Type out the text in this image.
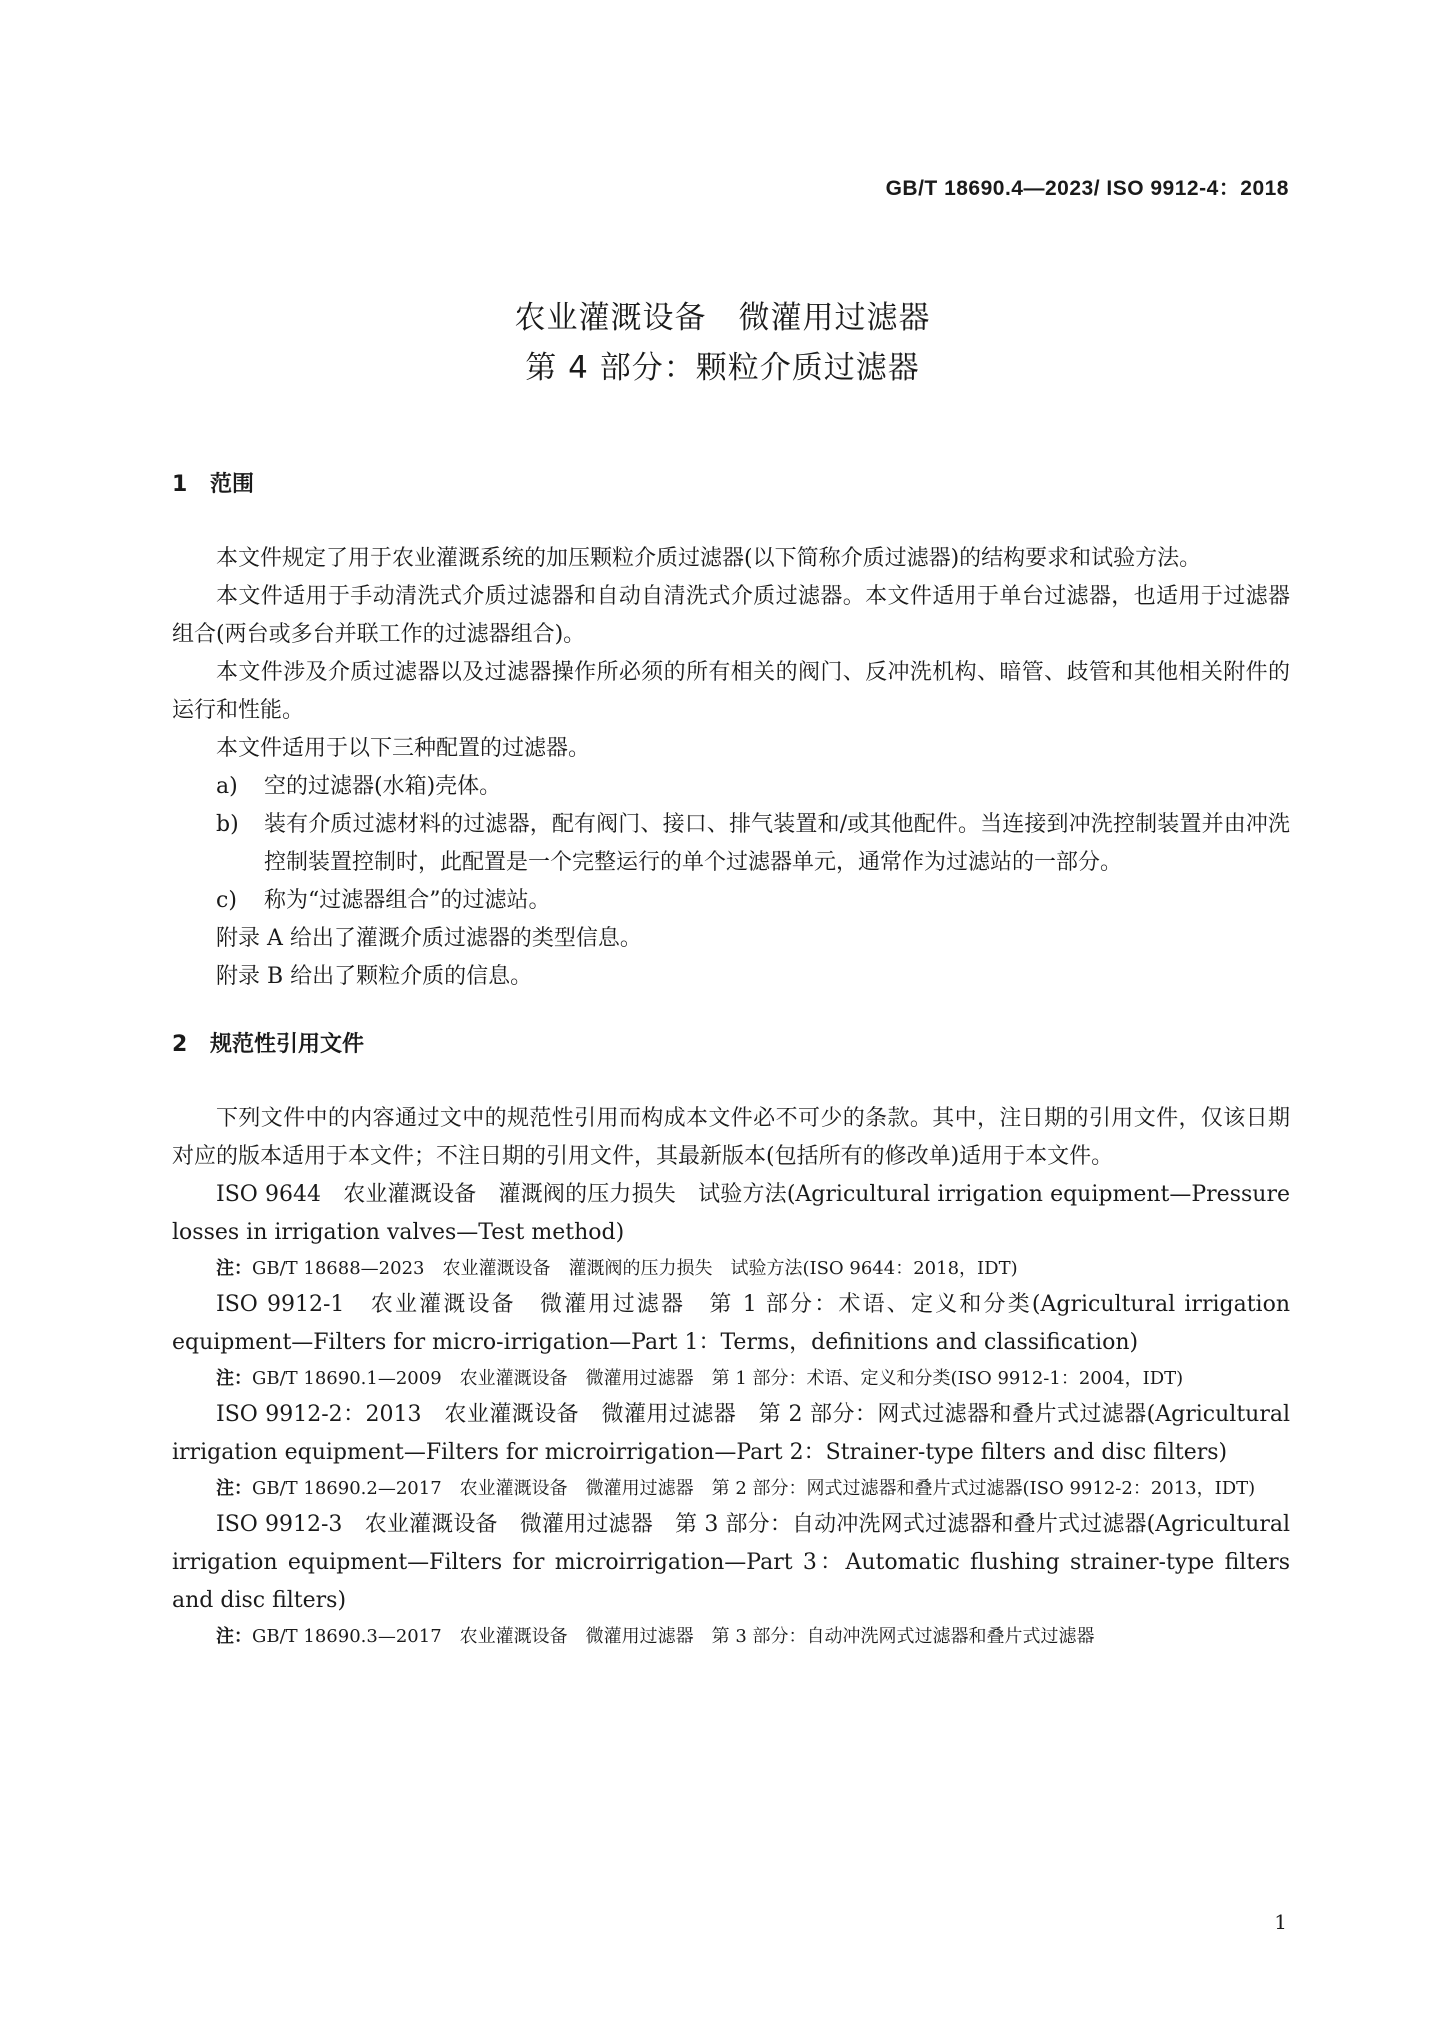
GB/T 18690.4—2023/ ISO 9912-4：2018
农业灌溉设备　微灌用过滤器
第 4 部分：颗粒介质过滤器
1 范围

本文件规定了用于农业灌溉系统的加压颗粒介质过滤器(以下简称介质过滤器)的结构要求和试验方法。

本文件适用于手动清洗式介质过滤器和自动自清洗式介质过滤器。本文件适用于单台过滤器，也适用于过滤器组合(两台或多台并联工作的过滤器组合)。

本文件涉及介质过滤器以及过滤器操作所必须的所有相关的阀门、反冲洗机构、暗管、歧管和其他相关附件的运行和性能。

本文件适用于以下三种配置的过滤器。

a)	空的过滤器(水箱)壳体。
b)	装有介质过滤材料的过滤器，配有阀门、接口、排气装置和/或其他配件。当连接到冲洗控制装置并由冲洗控制装置控制时，此配置是一个完整运行的单个过滤器单元，通常作为过滤站的一部分。
c)	称为“过滤器组合”的过滤站。

附录 A 给出了灌溉介质过滤器的类型信息。

附录 B 给出了颗粒介质的信息。

2 规范性引用文件

下列文件中的内容通过文中的规范性引用而构成本文件必不可少的条款。其中，注日期的引用文件，仅该日期对应的版本适用于本文件；不注日期的引用文件，其最新版本(包括所有的修改单)适用于本文件。

ISO 9644　农业灌溉设备　灌溉阀的压力损失　试验方法(Agricultural irrigation equipment—Pressure losses in irrigation valves—Test method)

注： GB/T 18688—2023　农业灌溉设备　灌溉阀的压力损失　试验方法(ISO 9644：2018，IDT)

ISO 9912-1　农业灌溉设备　微灌用过滤器　第 1 部分：术语、定义和分类(Agricultural irrigation equipment—Filters for micro-irrigation—Part 1：Terms，definitions and classification)

注： GB/T 18690.1—2009　农业灌溉设备　微灌用过滤器　第 1 部分：术语、定义和分类(ISO 9912-1：2004，IDT)

ISO 9912-2：2013　农业灌溉设备　微灌用过滤器　第 2 部分：网式过滤器和叠片式过滤器(Agricultural irrigation equipment—Filters for microirrigation—Part 2：Strainer-type filters and disc filters)

注： GB/T 18690.2—2017　农业灌溉设备　微灌用过滤器　第 2 部分：网式过滤器和叠片式过滤器(ISO 9912-2：2013，IDT)

ISO 9912-3　农业灌溉设备　微灌用过滤器　第 3 部分：自动冲洗网式过滤器和叠片式过滤器(Agricultural irrigation equipment—Filters for microirrigation—Part 3：Automatic flushing strainer-type filters and disc filters)

注： GB/T 18690.3—2017　农业灌溉设备　微灌用过滤器　第 3 部分：自动冲洗网式过滤器和叠片式过滤器
1
